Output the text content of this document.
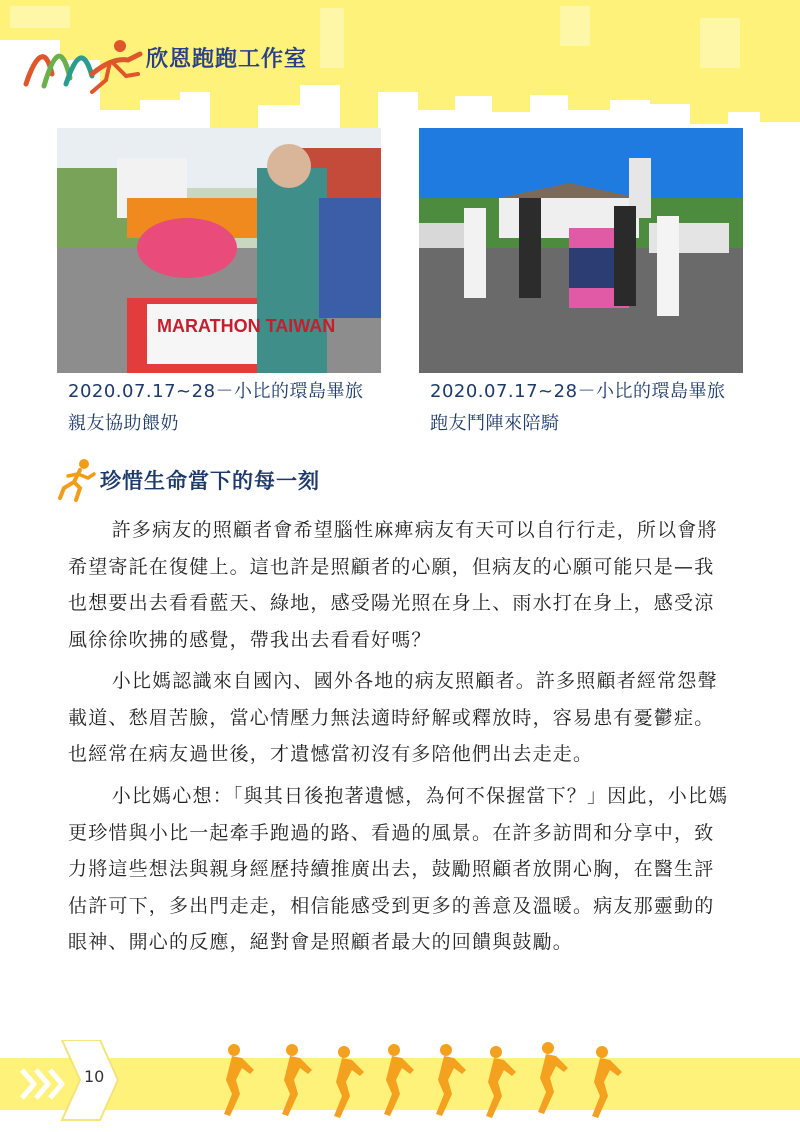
欣恩跑跑工作室
MARATHON TAIWAN
2020.07.17~28－小比的環島畢旅
親友協助餵奶
2020.07.17~28－小比的環島畢旅
跑友鬥陣來陪騎
珍惜生命當下的每一刻

許多病友的照顧者會希望腦性麻痺病友有天可以自行行走，所以會將希望寄託在復健上。這也許是照顧者的心願，但病友的心願可能只是—我也想要出去看看藍天、綠地，感受陽光照在身上、雨水打在身上，感受涼風徐徐吹拂的感覺，帶我出去看看好嗎？

小比媽認識來自國內、國外各地的病友照顧者。許多照顧者經常怨聲載道、愁眉苦臉，當心情壓力無法適時紓解或釋放時，容易患有憂鬱症。也經常在病友過世後，才遺憾當初沒有多陪他們出去走走。

小比媽心想：「與其日後抱著遺憾，為何不保握當下？」因此，小比媽更珍惜與小比一起牽手跑過的路、看過的風景。在許多訪問和分享中，致力將這些想法與親身經歷持續推廣出去，鼓勵照顧者放開心胸，在醫生評估許可下，多出門走走，相信能感受到更多的善意及溫暖。病友那靈動的眼神、開心的反應，絕對會是照顧者最大的回饋與鼓勵。

10
